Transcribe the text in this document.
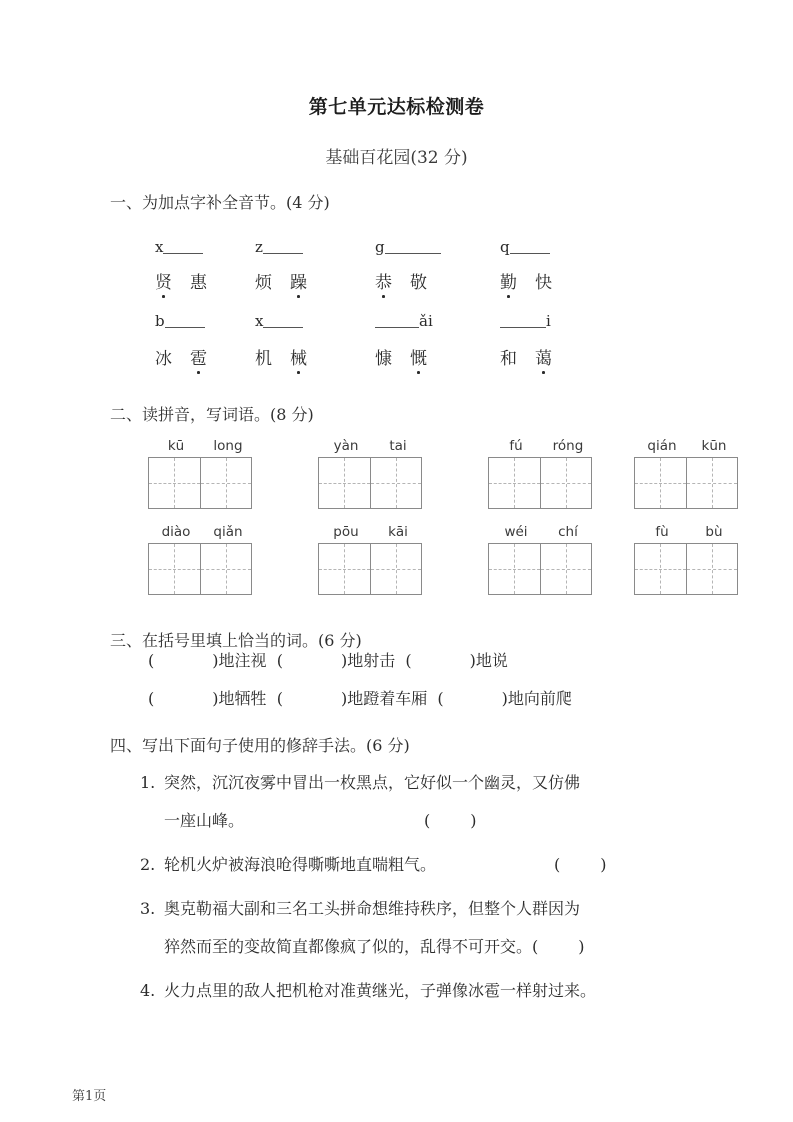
第七单元达标检测卷
基础百花园(32 分)
一、为加点字补全音节。(4 分)
x	z	g	q
贤 惠	烦 躁	恭 敬	勤 快
b	x	ǎi	i
冰 雹	机 械	慷 慨	和 蔼
二、读拼音，写词语。(8 分)
kū	long	yàn	tai	fú	róng	qián	kūn
diào	qiǎn	pōu	kāi	wéi	chí	fù	bù
三、在括号里填上恰当的词。(6 分)
(	)地注视 (	)地射击 (	)地说
(	)地牺牲 (	)地蹬着车厢 (	)地向前爬
四、写出下面句子使用的修辞手法。(6 分)
1. 突然，沉沉夜雾中冒出一枚黑点，它好似一个幽灵，又仿佛
一座山峰。	(	)
2. 轮机火炉被海浪呛得嘶嘶地直喘粗气。	(	)
3. 奥克勒福大副和三名工头拼命想维持秩序，但整个人群因为
猝然而至的变故简直都像疯了似的，乱得不可开交。(	)
4. 火力点里的敌人把机枪对准黄继光，子弹像冰雹一样射过来。
第1页
